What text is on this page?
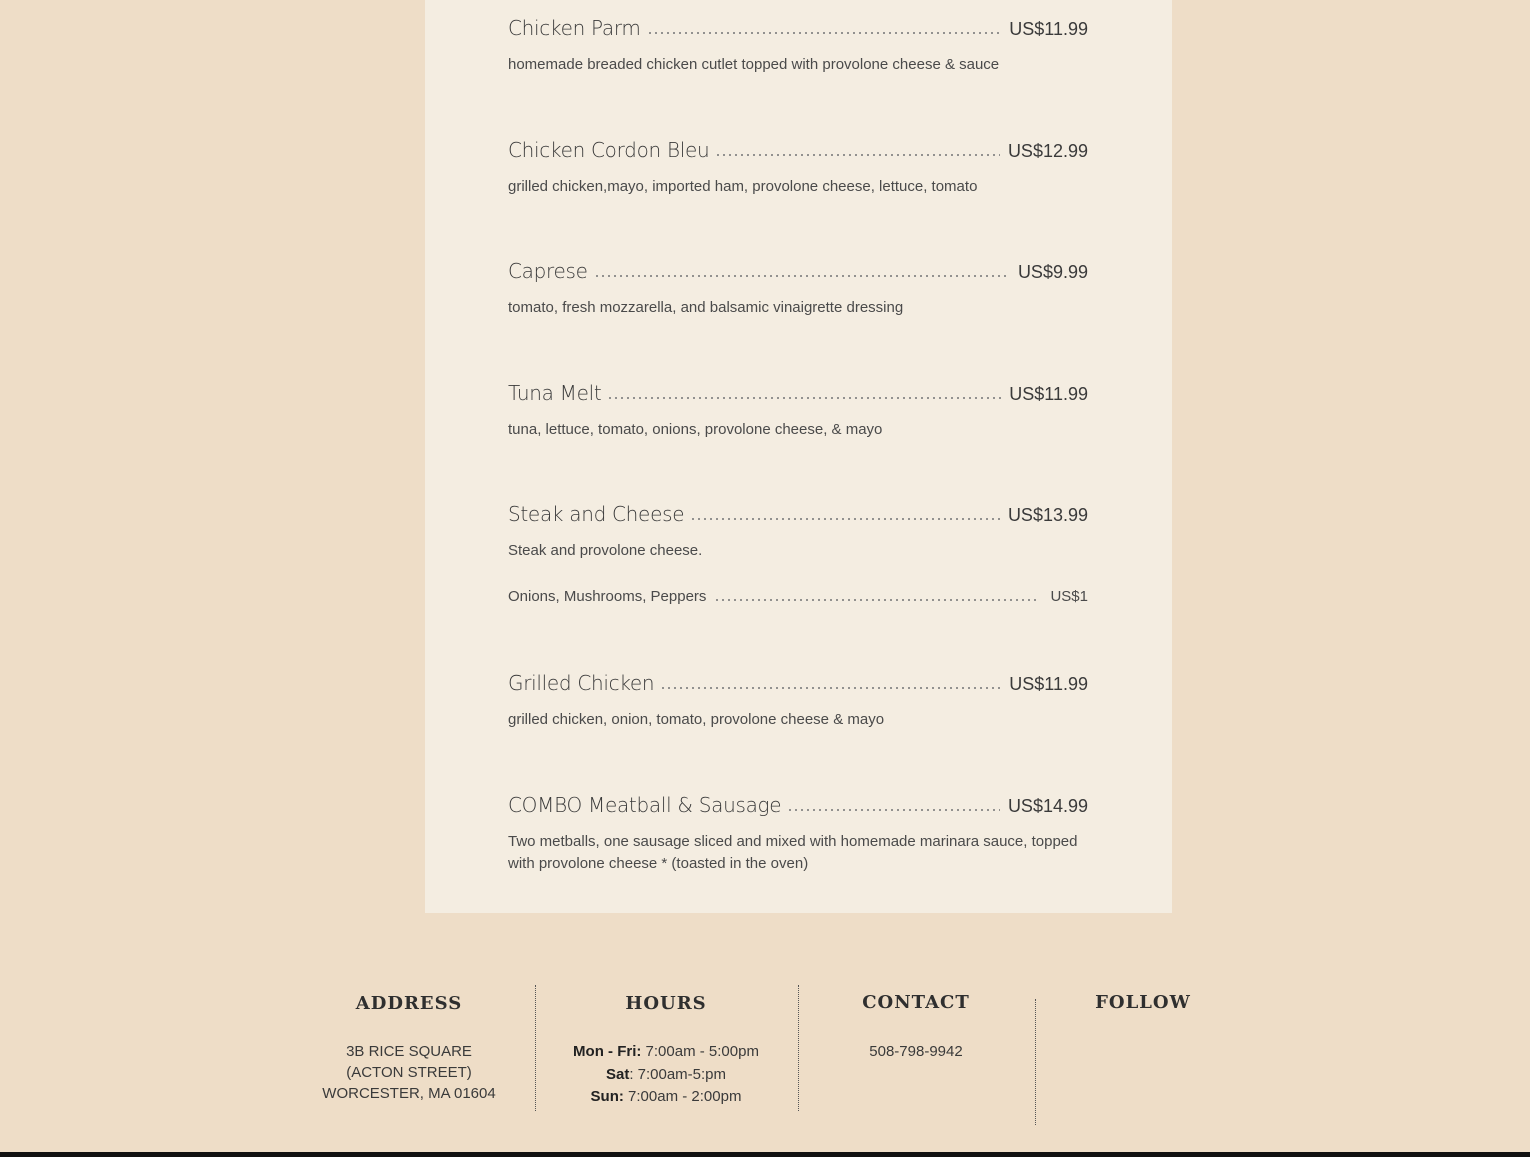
Chicken Parm	US$11.99
homemade breaded chicken cutlet topped with provolone cheese & sauce
Chicken Cordon Bleu	US$12.99
grilled chicken,mayo, imported ham, provolone cheese, lettuce, tomato
Caprese	US$9.99
tomato, fresh mozzarella, and balsamic vinaigrette dressing
Tuna Melt	US$11.99
tuna, lettuce, tomato, onions, provolone cheese, & mayo
Steak and Cheese	US$13.99
Steak and provolone cheese.
Onions, Mushrooms, Peppers	US$1
Grilled Chicken	US$11.99
grilled chicken, onion, tomato, provolone cheese & mayo
COMBO Meatball & Sausage	US$14.99
Two metballs, one sausage sliced and mixed with homemade marinara sauce, topped with provolone cheese * (toasted in the oven)
ADDRESS
3B RICE SQUARE
(ACTON STREET)
WORCESTER, MA 01604
HOURS
Mon - Fri: 7:00am - 5:00pm
Sat: 7:00am-5:pm
Sun: 7:00am - 2:00pm
CONTACT
508-798-9942
FOLLOW
